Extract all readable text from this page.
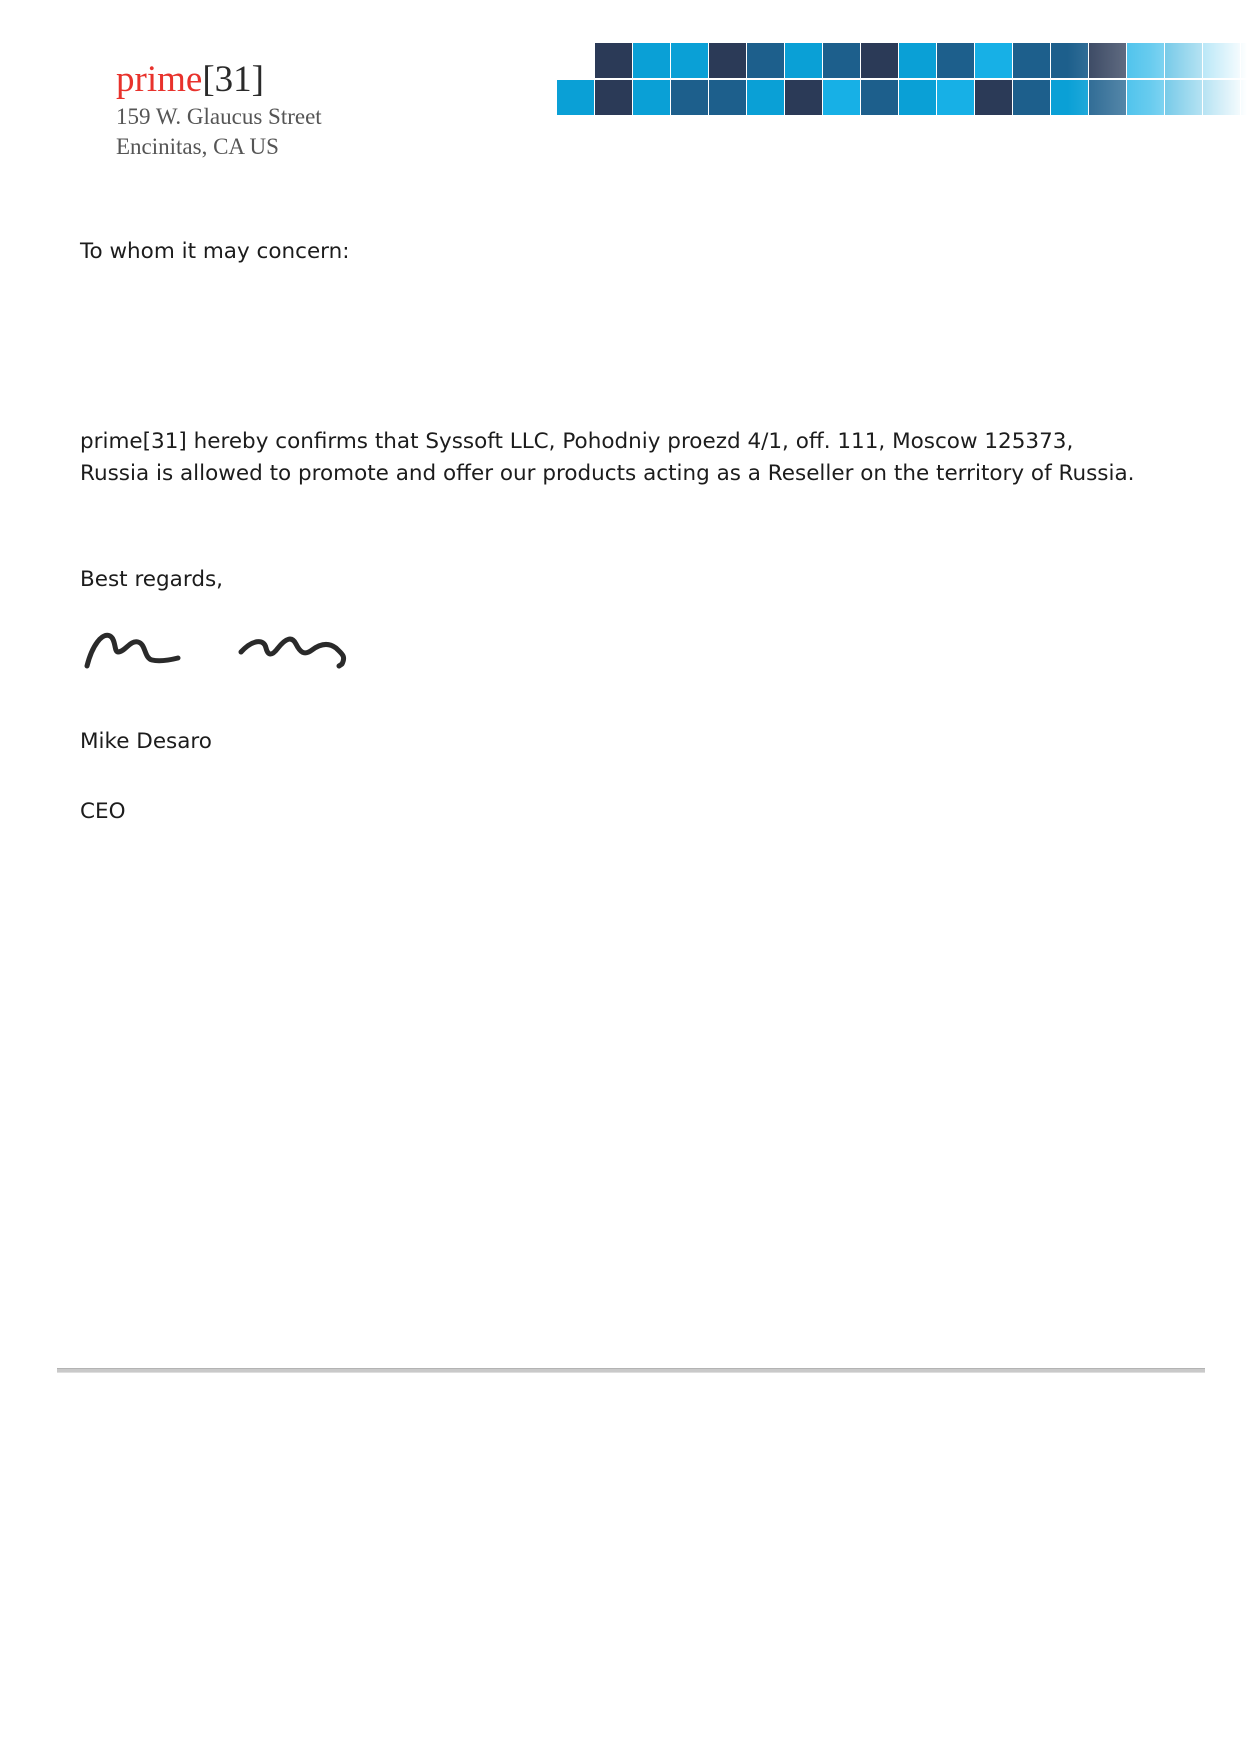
prime[31]
159 W. Glaucus Street
Encinitas, CA US
To whom it may concern:
prime[31] hereby confirms that Syssoft LLC, Pohodniy proezd 4/1, off. 111, Moscow 125373,
Russia is allowed to promote and offer our products acting as a Reseller on the territory of Russia.
Best regards,
Mike Desaro
CEO
